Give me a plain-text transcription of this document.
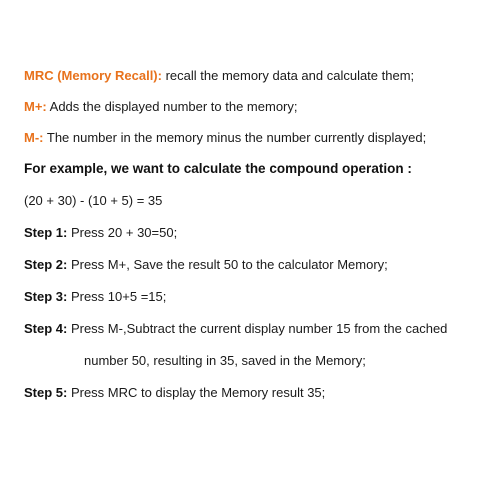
MRC (Memory Recall): recall the memory data and calculate them;
M+: Adds the displayed number to the memory;
M-: The number in the memory minus the number currently displayed;
For example, we want to calculate the compound operation :
(20 + 30) - (10 + 5) = 35
Step 1: Press 20 + 30=50;
Step 2: Press M+, Save the result 50 to the calculator Memory;
Step 3: Press 10+5 =15;
Step 4: Press M-,Subtract the current display number 15 from the cached
number 50, resulting in 35, saved in the Memory;
Step 5: Press MRC to display the Memory result 35;
